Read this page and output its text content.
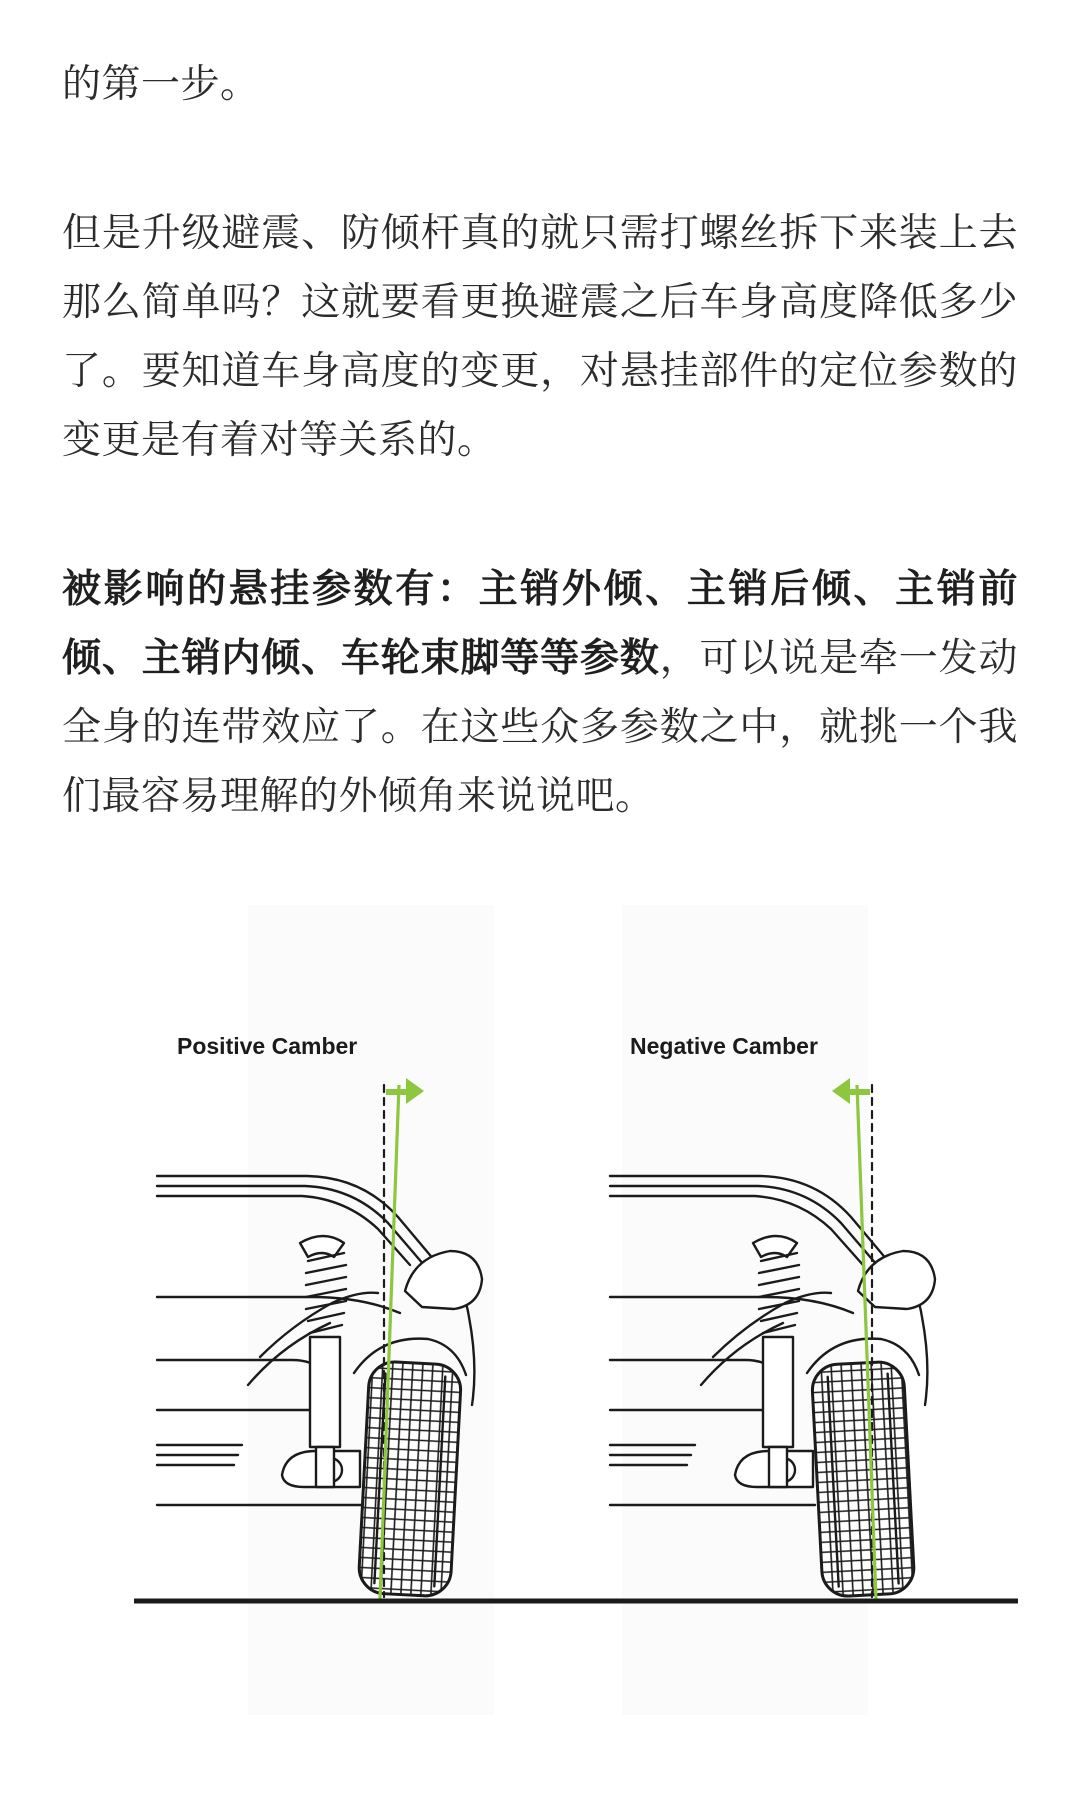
的第一步。

但是升级避震、防倾杆真的就只需打螺丝拆下来装上去那么简单吗？这就要看更换避震之后车身高度降低多少了。要知道车身高度的变更，对悬挂部件的定位参数的变更是有着对等关系的。

被影响的悬挂参数有：主销外倾、主销后倾、主销前倾、主销内倾、车轮束脚等等参数，可以说是牵一发动全身的连带效应了。在这些众多参数之中，就挑一个我们最容易理解的外倾角来说说吧。

Positive Camber	Negative Camber
